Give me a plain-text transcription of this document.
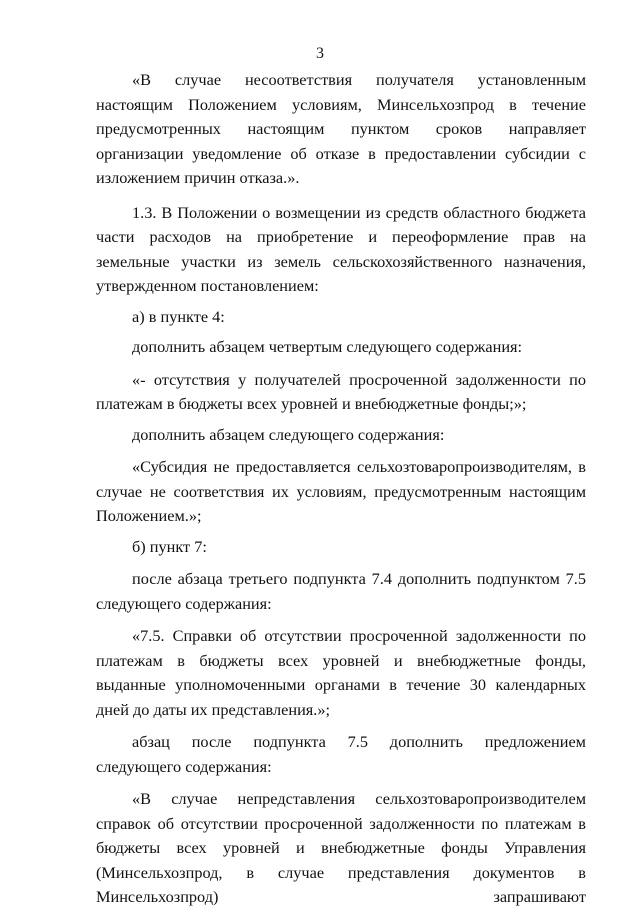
3

«В случае несоответствия получателя установленным настоящим Положением условиям, Минсельхозпрод в течение предусмотренных настоящим пунктом сроков направляет организации уведомление об отказе в предоставлении субсидии с изложением причин отказа.».

1.3. В Положении о возмещении из средств областного бюджета части расходов на приобретение и переоформление прав на земельные участки из земель сельскохозяйственного назначения, утвержденном постановлением:

а) в пункте 4:

дополнить абзацем четвертым следующего содержания:

«- отсутствия у получателей просроченной задолженности по платежам в бюджеты всех уровней и внебюджетные фонды;»;

дополнить абзацем следующего содержания:

«Субсидия не предоставляется сельхозтоваропроизводителям, в случае не соответствия их условиям, предусмотренным настоящим Положением.»;

б) пункт 7:

после абзаца третьего подпункта 7.4 дополнить подпунктом 7.5 следующего содержания:

«7.5. Справки об отсутствии просроченной задолженности по платежам в бюджеты всех уровней и внебюджетные фонды, выданные уполномоченными органами в течение 30 календарных дней до даты их представления.»;

абзац после подпункта 7.5 дополнить предложением следующего содержания:

«В случае непредставления сельхозтоваропроизводителем справок об отсутствии просроченной задолженности по платежам в бюджеты всех уровней и внебюджетные фонды Управления (Минсельхозпрод, в случае представления документов в Минсельхозпрод) запрашивают
